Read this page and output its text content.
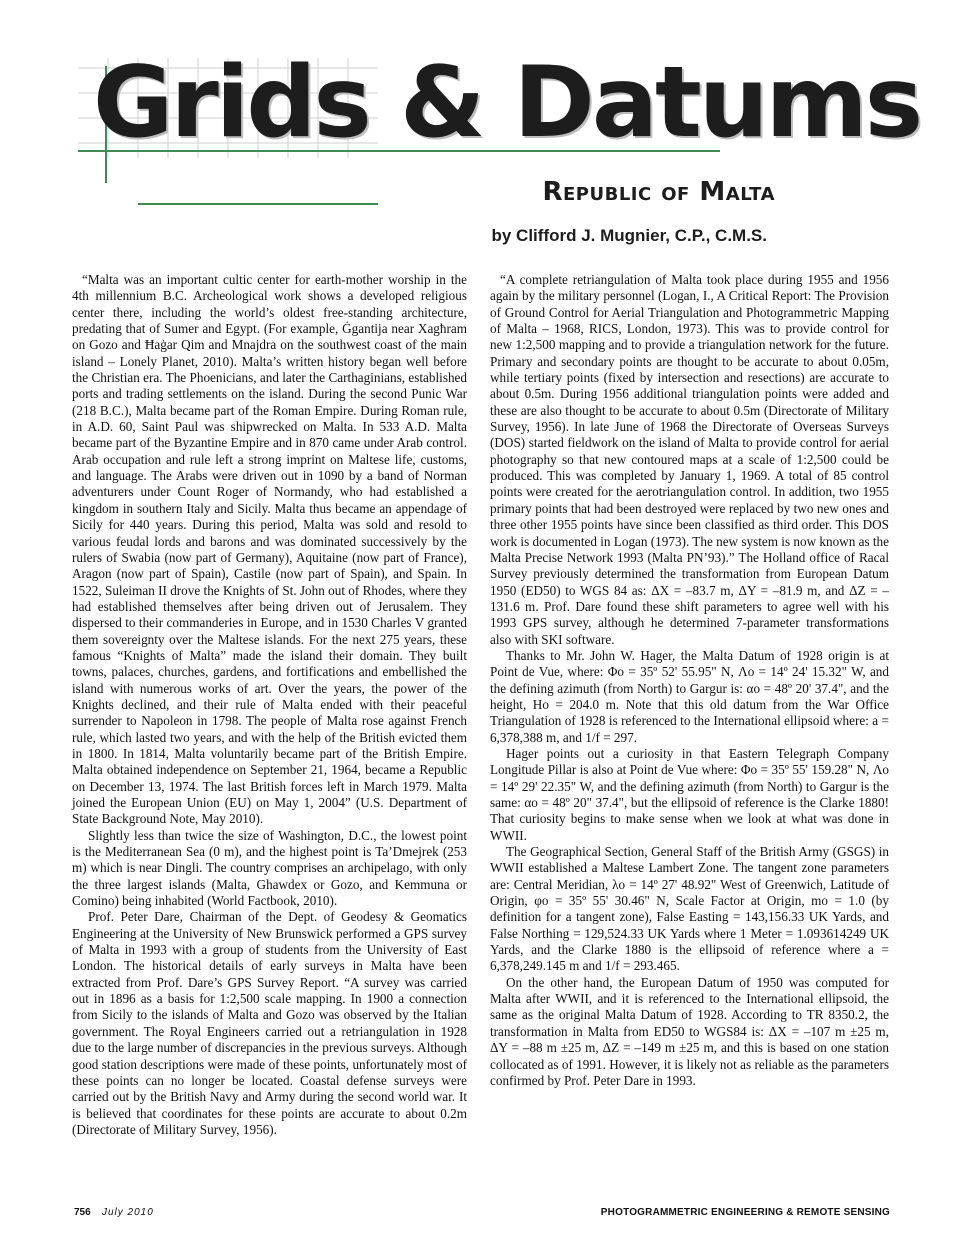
Grids & Datums
Republic of Malta
by Clifford J. Mugnier, C.P., C.M.S.

“Malta was an important cultic center for earth-mother worship in the 4th millennium B.C. Archeological work shows a developed religious center there, including the world’s oldest free-standing architecture, predating that of Sumer and Egypt. (For example, Ġgantija near Xagħram on Gozo and Ħaġar Qim and Mnajdra on the southwest coast of the main island – Lonely Planet, 2010). Malta’s written history began well before the Christian era. The Phoenicians, and later the Carthaginians, established ports and trading settlements on the island. During the second Punic War (218 B.C.), Malta became part of the Roman Empire. During Roman rule, in A.D. 60, Saint Paul was shipwrecked on Malta. In 533 A.D. Malta became part of the Byzantine Empire and in 870 came under Arab control. Arab occupation and rule left a strong imprint on Maltese life, customs, and language. The Arabs were driven out in 1090 by a band of Norman adventurers under Count Roger of Normandy, who had established a kingdom in southern Italy and Sicily. Malta thus became an appendage of Sicily for 440 years. During this period, Malta was sold and resold to various feudal lords and barons and was dominated successively by the rulers of Swabia (now part of Germany), Aquitaine (now part of France), Aragon (now part of Spain), Castile (now part of Spain), and Spain. In 1522, Suleiman II drove the Knights of St. John out of Rhodes, where they had established themselves after being driven out of Jerusalem. They dispersed to their commanderies in Europe, and in 1530 Charles V granted them sovereignty over the Maltese islands. For the next 275 years, these famous “Knights of Malta” made the island their domain. They built towns, palaces, churches, gardens, and fortifications and embellished the island with numerous works of art. Over the years, the power of the Knights declined, and their rule of Malta ended with their peaceful surrender to Napoleon in 1798. The people of Malta rose against French rule, which lasted two years, and with the help of the British evicted them in 1800. In 1814, Malta voluntarily became part of the British Empire. Malta obtained independence on September 21, 1964, became a Republic on December 13, 1974. The last British forces left in March 1979. Malta joined the European Union (EU) on May 1, 2004” (U.S. Department of State Background Note, May 2010).

Slightly less than twice the size of Washington, D.C., the lowest point is the Mediterranean Sea (0 m), and the highest point is Ta’Dmejrek (253 m) which is near Dingli. The country comprises an archipelago, with only the three largest islands (Malta, Ghawdex or Gozo, and Kemmuna or Comino) being inhabited (World Factbook, 2010).

Prof. Peter Dare, Chairman of the Dept. of Geodesy & Geomatics Engineering at the University of New Brunswick performed a GPS survey of Malta in 1993 with a group of students from the University of East London. The historical details of early surveys in Malta have been extracted from Prof. Dare’s GPS Survey Report. “A survey was carried out in 1896 as a basis for 1:2,500 scale mapping. In 1900 a connection from Sicily to the islands of Malta and Gozo was observed by the Italian government. The Royal Engineers carried out a retriangulation in 1928 due to the large number of discrepancies in the previous surveys. Although good station descriptions were made of these points, unfortunately most of these points can no longer be located. Coastal defense surveys were carried out by the British Navy and Army during the second world war. It is believed that coordinates for these points are accurate to about 0.2m (Directorate of Military Survey, 1956).

“A complete retriangulation of Malta took place during 1955 and 1956 again by the military personnel (Logan, I., A Critical Report: The Provision of Ground Control for Aerial Triangulation and Photogrammetric Mapping of Malta – 1968, RICS, London, 1973). This was to provide control for new 1:2,500 mapping and to provide a triangulation network for the future. Primary and secondary points are thought to be accurate to about 0.05m, while tertiary points (fixed by intersection and resections) are accurate to about 0.5m. During 1956 additional triangulation points were added and these are also thought to be accurate to about 0.5m (Directorate of Military Survey, 1956). In late June of 1968 the Directorate of Overseas Surveys (DOS) started fieldwork on the island of Malta to provide control for aerial photography so that new contoured maps at a scale of 1:2,500 could be produced. This was completed by January 1, 1969. A total of 85 control points were created for the aerotriangulation control. In addition, two 1955 primary points that had been destroyed were replaced by two new ones and three other 1955 points have since been classified as third order. This DOS work is documented in Logan (1973). The new system is now known as the Malta Precise Network 1993 (Malta PN’93).” The Holland office of Racal Survey previously determined the transformation from European Datum 1950 (ED50) to WGS 84 as: ΔX = –83.7 m, ΔY = –81.9 m, and ΔZ = –131.6 m. Prof. Dare found these shift parameters to agree well with his 1993 GPS survey, although he determined 7-parameter transformations also with SKI software.

Thanks to Mr. John W. Hager, the Malta Datum of 1928 origin is at Point de Vue, where: Φo = 35º 52' 55.95" N, Λo = 14º 24' 15.32" W, and the defining azimuth (from North) to Gargur is: αo = 48º 20' 37.4", and the height, Ho = 204.0 m. Note that this old datum from the War Office Triangulation of 1928 is referenced to the International ellipsoid where: a = 6,378,388 m, and 1/f = 297.

Hager points out a curiosity in that Eastern Telegraph Company Longitude Pillar is also at Point de Vue where: Φo = 35º 55' 159.28" N, Λo = 14º 29' 22.35" W, and the defining azimuth (from North) to Gargur is the same: αo = 48º 20" 37.4", but the ellipsoid of reference is the Clarke 1880! That curiosity begins to make sense when we look at what was done in WWII.

The Geographical Section, General Staff of the British Army (GSGS) in WWII established a Maltese Lambert Zone. The tangent zone parameters are: Central Meridian, λo = 14º 27' 48.92" West of Greenwich, Latitude of Origin, φo = 35º 55' 30.46" N, Scale Factor at Origin, mo = 1.0 (by definition for a tangent zone), False Easting = 143,156.33 UK Yards, and False Northing = 129,524.33 UK Yards where 1 Meter = 1.093614249 UK Yards, and the Clarke 1880 is the ellipsoid of reference where a = 6,378,249.145 m and 1/f = 293.465.

On the other hand, the European Datum of 1950 was computed for Malta after WWII, and it is referenced to the International ellipsoid, the same as the original Malta Datum of 1928. According to TR 8350.2, the transformation in Malta from ED50 to WGS84 is: ΔX = –107 m ±25 m, ΔY = –88 m ±25 m, ΔZ = –149 m ±25 m, and this is based on one station collocated as of 1991. However, it is likely not as reliable as the parameters confirmed by Prof. Peter Dare in 1993.

756 July 2010	PHOTOGRAMMETRIC ENGINEERING & REMOTE SENSING
